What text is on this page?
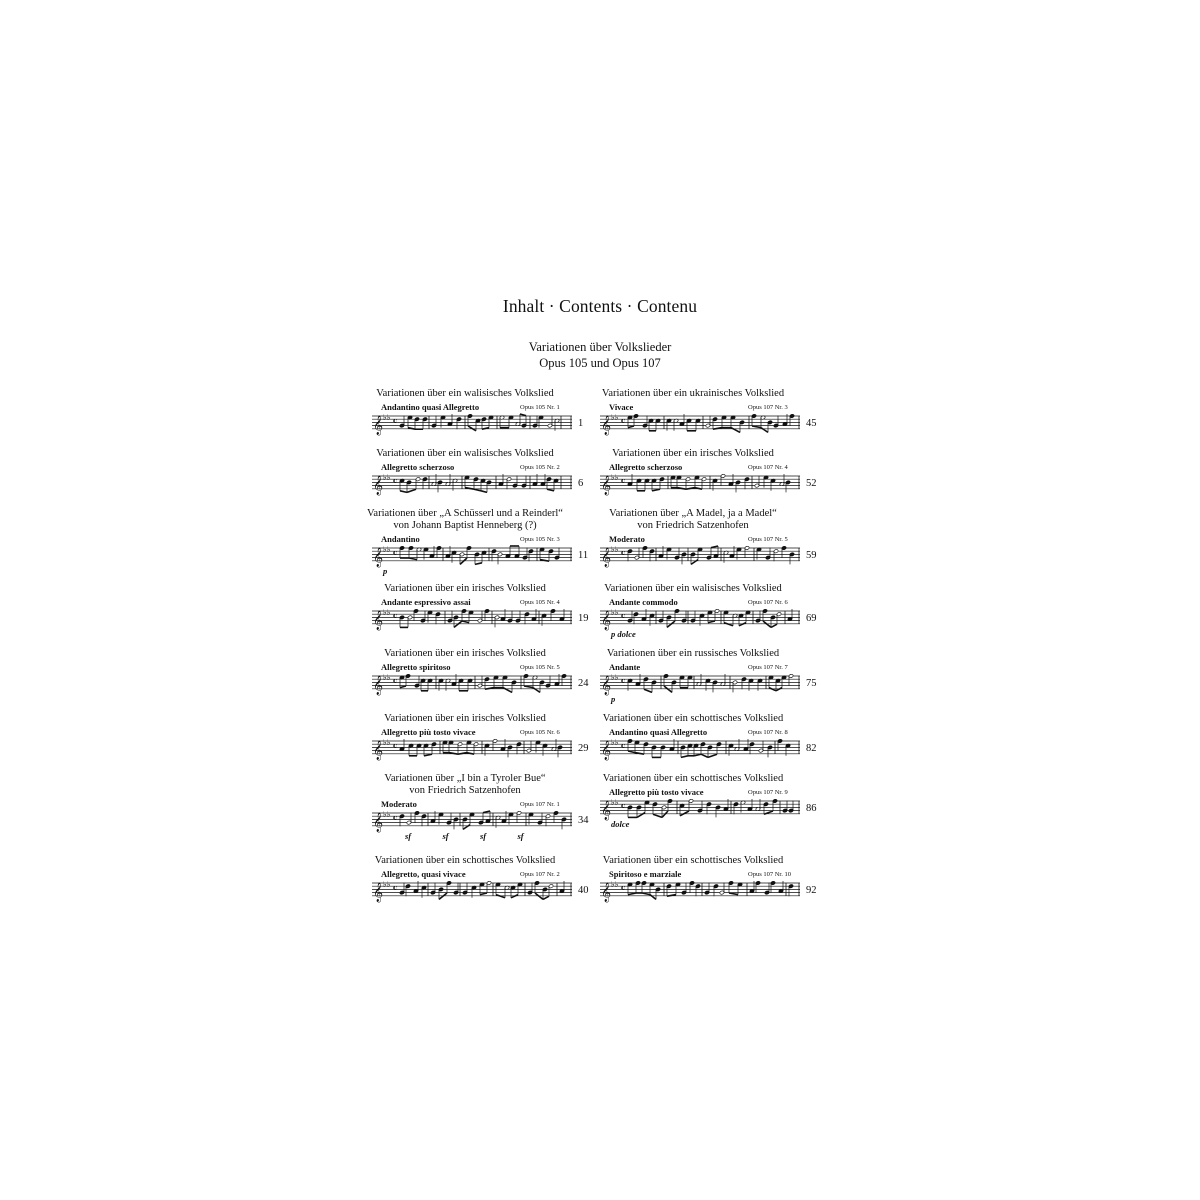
Inhalt · Contents · Contenu
Variationen über Volkslieder
Opus 105 und Opus 107
Variationen über ein walisisches Volkslied
Andantino quasi Allegretto	Opus 105 Nr. 1
𝄞 ♭♭ c	1
Variationen über ein walisisches Volkslied
Allegretto scherzoso	Opus 105 Nr. 2
𝄞 ♭♭ c	6
Variationen über „A Schüsserl und a Reinderl“
von Johann Baptist Henneberg (?)
Andantino	Opus 105 Nr. 3
𝄞 ♭♭ c	11
p
Variationen über ein irisches Volkslied
Andante espressivo assai	Opus 105 Nr. 4
𝄞 ♭♭ c	19
Variationen über ein irisches Volkslied
Allegretto spiritoso	Opus 105 Nr. 5
𝄞 ♭♭ c	24
Variationen über ein irisches Volkslied
Allegretto più tosto vivace	Opus 105 Nr. 6
𝄞 ♭♭ c	29
Variationen über „I bin a Tyroler Bue“
von Friedrich Satzenhofen
Moderato	Opus 107 Nr. 1
𝄞 ♭♭ c	34
sf	sf	sf	sf
Variationen über ein schottisches Volkslied
Allegretto, quasi vivace	Opus 107 Nr. 2
𝄞 ♭♭ c	40
Variationen über ein ukrainisches Volkslied
Vivace	Opus 107 Nr. 3
𝄞 ♭♭ c	45
Variationen über ein irisches Volkslied
Allegretto scherzoso	Opus 107 Nr. 4
𝄞 ♭♭ c	52
Variationen über „A Madel, ja a Madel“
von Friedrich Satzenhofen
Moderato	Opus 107 Nr. 5
𝄞 ♭♭ c	59
Variationen über ein walisisches Volkslied
Andante commodo	Opus 107 Nr. 6
𝄞 ♭♭ c	69
p dolce
Variationen über ein russisches Volkslied
Andante	Opus 107 Nr. 7
𝄞 ♭♭ c	75
p
Variationen über ein schottisches Volkslied
Andantino quasi Allegretto	Opus 107 Nr. 8
𝄞 ♭♭ c	82
Variationen über ein schottisches Volkslied
Allegretto più tosto vivace	Opus 107 Nr. 9
𝄞 ♭♭ c	86
dolce
Variationen über ein schottisches Volkslied
Spiritoso e marziale	Opus 107 Nr. 10
𝄞 ♭♭ c	92
